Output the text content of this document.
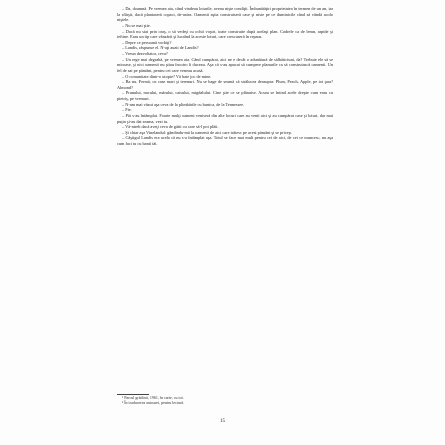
– Da, doamnă. Pe vremea aia, când vindeau loturile, aveau nişte condiţii. Îmbunătăţiri proprietatea în termen de un an, iar la sfârşit, dacă plantaseră copaci, de-astea. Oamenii aştia construiseră case şi niste pe ce duminicile când să vândă acolo niştele.

– Nu se mai ştie.

– Dacă nu stai prin oraş, o să vedeţi cu ochii voştri, toate construite după acelaşi plan. Cadrele ca de lemn, rapide şi ieftine. Erau un tip care vânzării şi lucrând la aceste loturi, care crescuseră în repaus.

– Depre ce persoană vorbiţi?

– Landis, răspunse el. N-aţi auzit de Landis?

– Vreun dezvoltator, ceva?

– Un rege mai degrabă, pe vremea aia. Când cumpărai, aici ne e decât o adunătură de sălbăticiuni, da? Trebuie ele să se miroase, şi nici oamenii nu ştiau încotro îi duceau. Aşa că s-au apucat să cumpere planurile ca să construiască oamenii. Un fel de sat pe pământ, pentru cei care veneau acasă.

– O comunitate dintr-o utopie? Vă bate joc de mine.

– Ba nu. Fermă, cu case mari şi terenuri. Nu se bage de seamă că strălucea deasupra: Plum, Peach, Apple, pe tot ţara? Almond?

– Prunului, nucului, mărului, caisului, migdalului. Cine ştie ce se plănuise. Acum se întind acele drepte cum erau cu pietriş, pe vremuri.

– N-am mai văzut aşa ceva de la plimbările cu bunica, de la Tennessee.

– Fie.

– Păi s-au întâmplat. Foarte mulţi oameni veniseră din alte locuri care au venit aici şi au cumpărat case şi loturi, dar mai puţin şi-au dat seama, vezi tu.

– Vă-ntreb dacă aveţi ceva de gătit cu care să-l pot plăti.

– Şi chiar aşa Vinelandul: gândindu-mă la oamenii de aici care trăiesc pe acest pământ şi se pricep.

– Câştigul Landis era acela că nu s-a întâmplat aşa. Totul se face mai mult pentru cei de aici, de cei ce muncesc, nu aşa cum faci tu cu banii tăi.

¹ Parcul grădinii, 1961, în carte, cu tot.

² În traducerea autoarei, pentru lectură.

15
